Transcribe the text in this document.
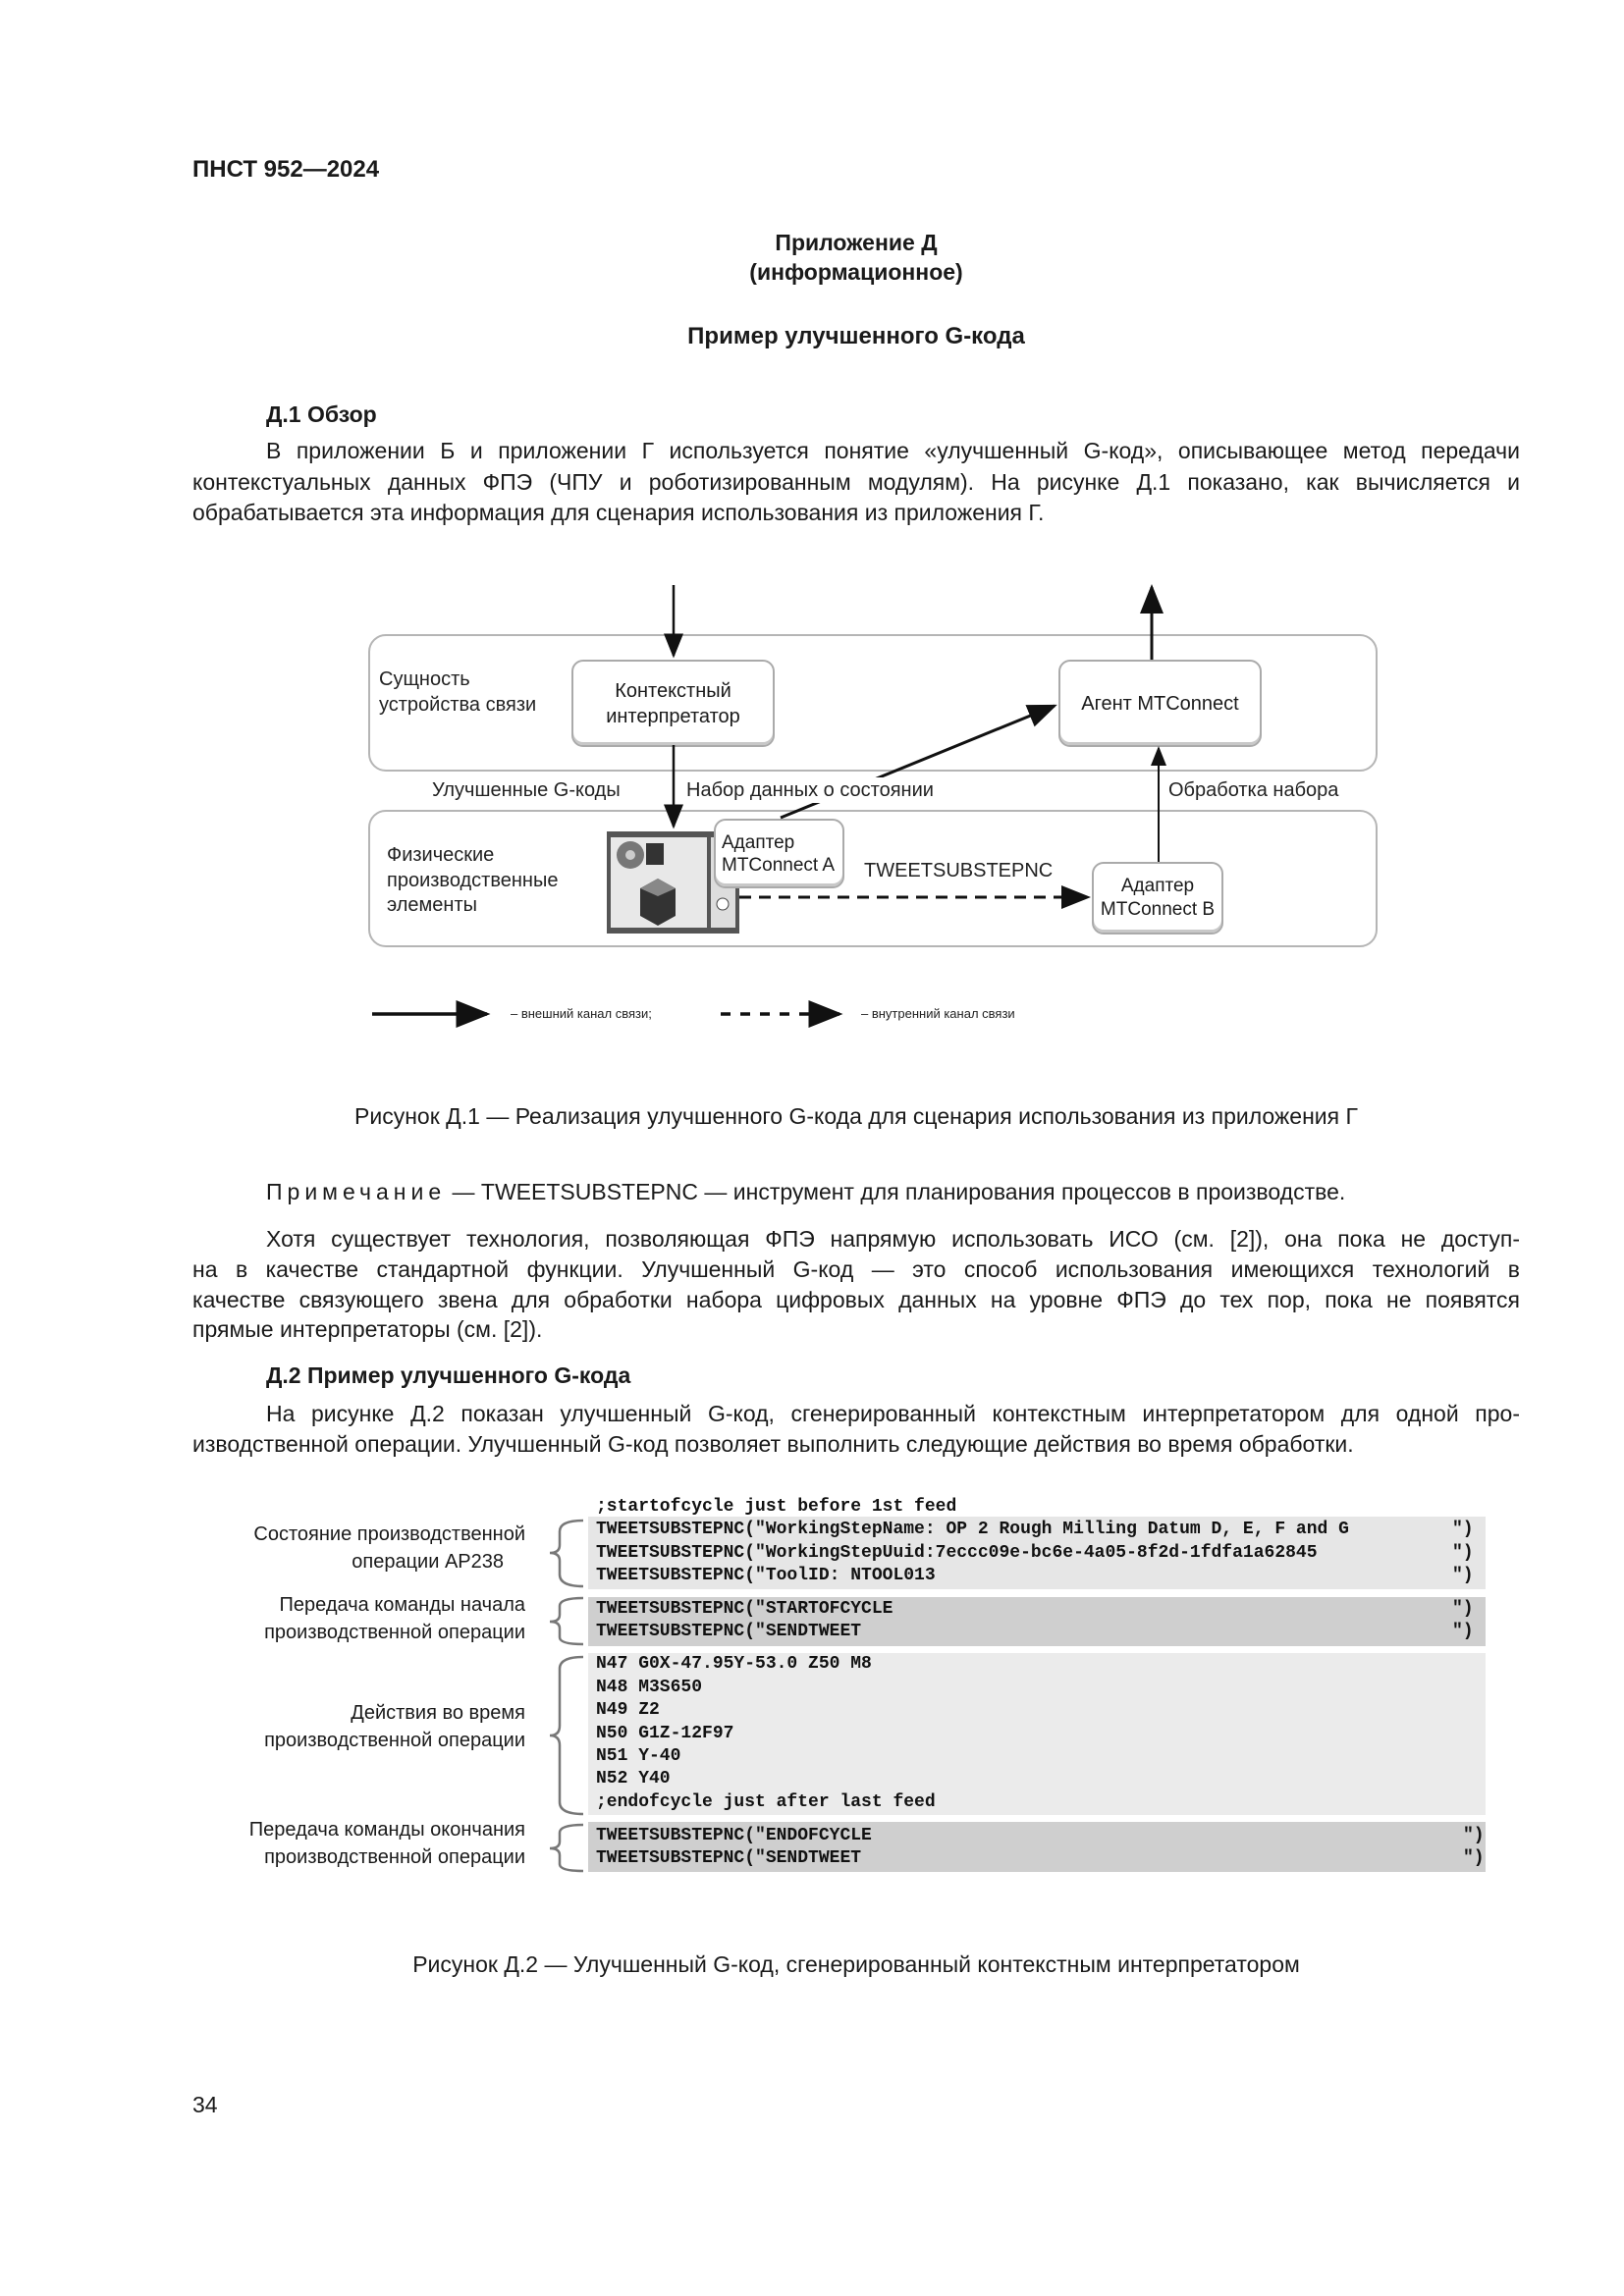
ПНСТ 952—2024
Приложение Д
(информационное)
Пример улучшенного G-кода
Д.1 Обзор
В приложении Б и приложении Г используется понятие «улучшенный G-код», описывающее метод передачи
контекстуальных данных ФПЭ (ЧПУ и роботизированным модулям). На рисунке Д.1 показано, как вычисляется и
обрабатывается эта информация для сценария использования из приложения Г.
Сущность
устройства связи
Физические
производственные
элементы
Контекстный
интерпретатор
Агент MTConnect
Адаптер
MTConnect A
Адаптер
MTConnect B
TWEETSUBSTEPNC
Улучшенные G-коды	Набор данных о состоянии	Обработка набора
– внешний канал связи;	– внутренний канал связи
Рисунок Д.1 — Реализация улучшенного G-кода для сценария использования из приложения Г
Примечание — TWEETSUBSTEPNC — инструмент для планирования процессов в производстве.
Хотя существует технология, позволяющая ФПЭ напрямую использовать ИСО (см. [2]), она пока не доступ-
на в качестве стандартной функции. Улучшенный G-код — это способ использования имеющихся технологий в
качестве связующего звена для обработки набора цифровых данных на уровне ФПЭ до тех пор, пока не появятся
прямые интерпретаторы (см. [2]).
Д.2 Пример улучшенного G-кода
На рисунке Д.2 показан улучшенный G-код, сгенерированный контекстным интерпретатором для одной про-
изводственной операции. Улучшенный G-код позволяет выполнить следующие действия во время обработки.
;startofcycle just before 1st feed
TWEETSUBSTEPNC("WorkingStepName: OP 2 Rough Milling Datum D, E, F and G
TWEETSUBSTEPNC("WorkingStepUuid:7eccc09e-bc6e-4a05-8f2d-1fdfa1a62845
TWEETSUBSTEPNC("ToolID: NTOOL013
")
")
")
TWEETSUBSTEPNC("STARTOFCYCLE
TWEETSUBSTEPNC("SENDTWEET
")
")
N47 G0X-47.95Y-53.0 Z50 M8
N48 M3S650
N49 Z2
N50 G1Z-12F97
N51 Y-40
N52 Y40
;endofcycle just after last feed
TWEETSUBSTEPNC("ENDOFCYCLE
TWEETSUBSTEPNC("SENDTWEET
")
")
Состояние производственной
операции AP238
Передача команды начала
производственной операции
Действия во время
производственной операции
Передача команды окончания
производственной операции
Рисунок Д.2 — Улучшенный G-код, сгенерированный контекстным интерпретатором
34
